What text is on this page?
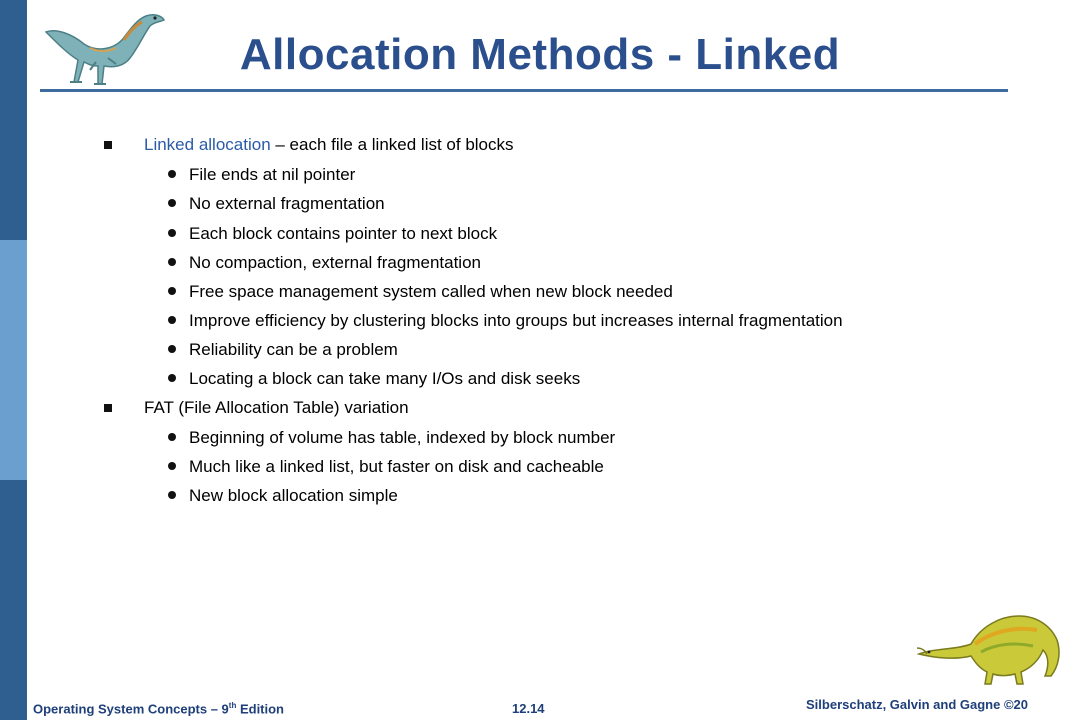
Allocation Methods - Linked
Linked allocation – each file a linked list of blocks
File ends at nil pointer
No external fragmentation
Each block contains pointer to next block
No compaction, external fragmentation
Free space management system called when new block needed
Improve efficiency by clustering blocks into groups but increases internal fragmentation
Reliability can be a problem
Locating a block can take many I/Os and disk seeks
FAT (File Allocation Table) variation
Beginning of volume has table, indexed by block number
Much like a linked list, but faster on disk and cacheable
New block allocation simple
Operating System Concepts – 9th Edition	12.14	Silberschatz, Galvin and Gagne ©20
